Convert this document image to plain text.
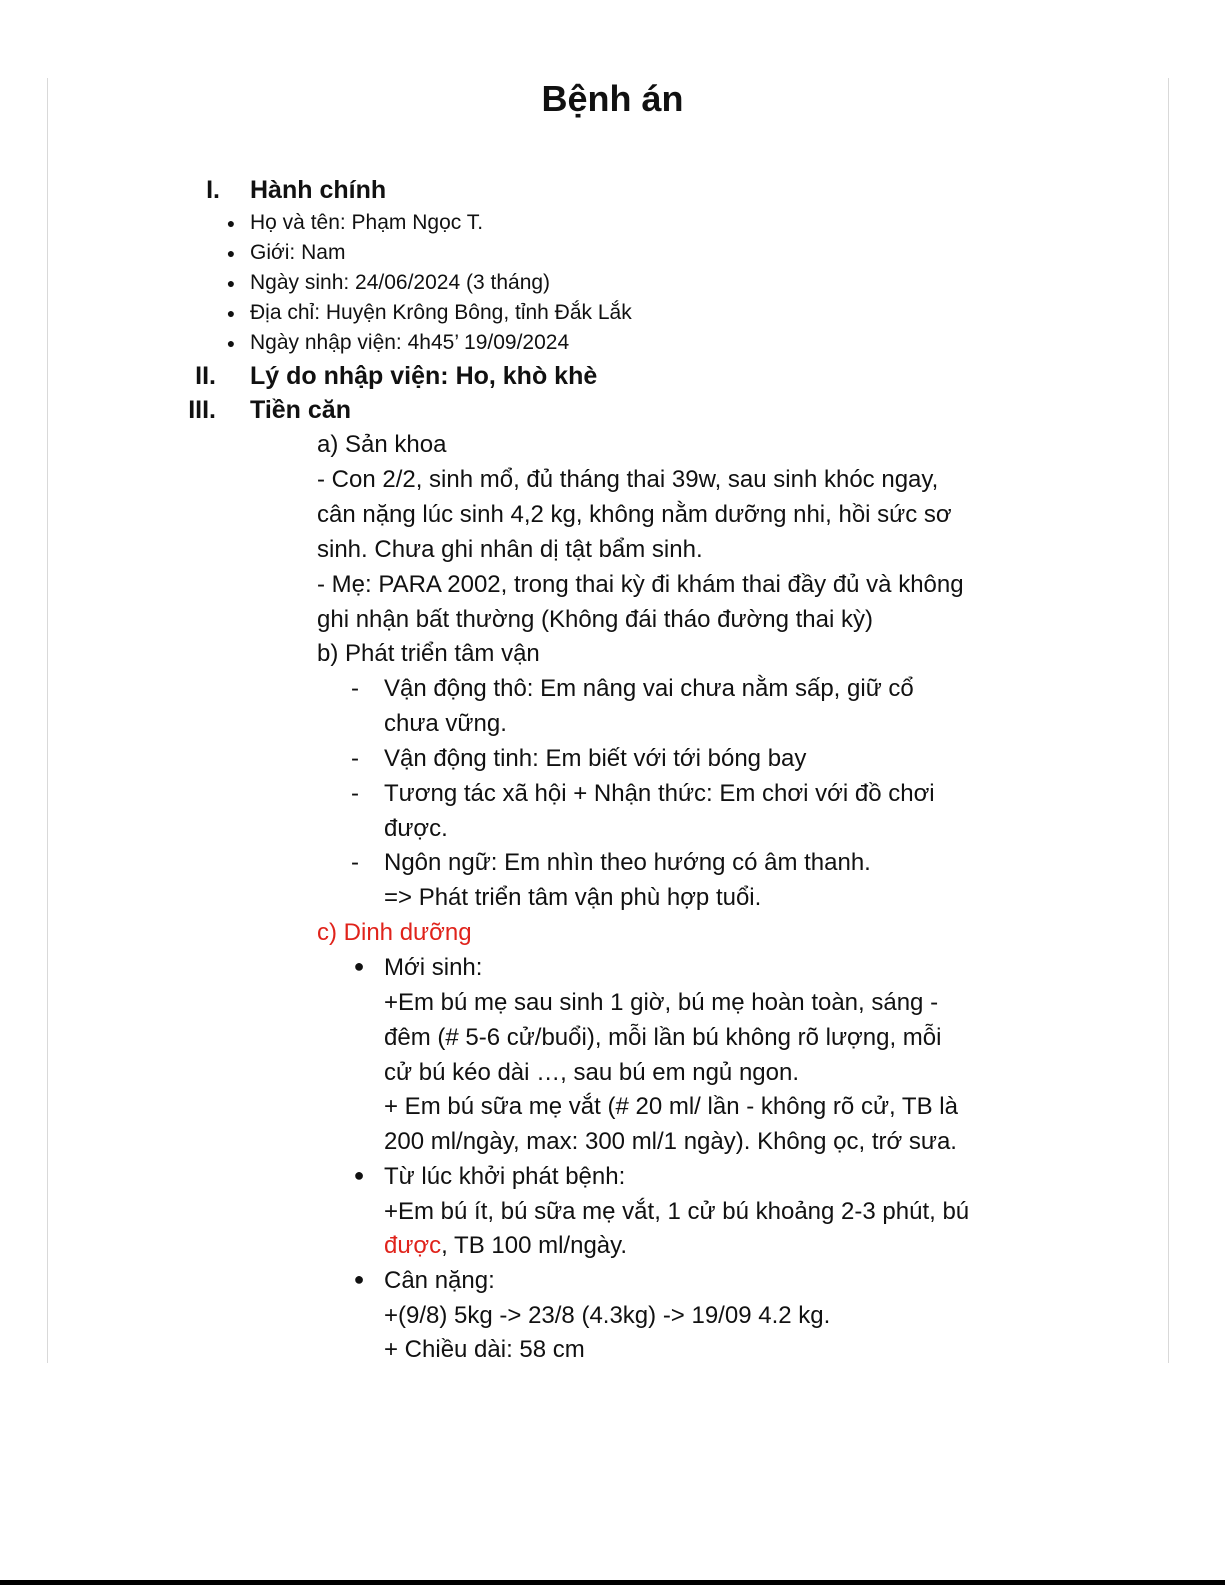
Bệnh án
I. Hành chính
● Họ và tên: Phạm Ngọc T.
● Giới: Nam
● Ngày sinh: 24/06/2024 (3 tháng)
● Địa chỉ: Huyện Krông Bông, tỉnh Đắk Lắk
● Ngày nhập viện: 4h45’ 19/09/2024
II. Lý do nhập viện: Ho, khò khè
III. Tiền căn
a) Sản khoa
- Con 2/2, sinh mổ, đủ tháng thai 39w, sau sinh khóc ngay,
cân nặng lúc sinh 4,2 kg, không nằm dưỡng nhi, hồi sức sơ
sinh. Chưa ghi nhân dị tật bẩm sinh.
- Mẹ: PARA 2002, trong thai kỳ đi khám thai đầy đủ và không
ghi nhận bất thường (Không đái tháo đường thai kỳ)
b) Phát triển tâm vận
- Vận động thô: Em nâng vai chưa nằm sấp, giữ cổ
chưa vững.
- Vận động tinh: Em biết với tới bóng bay
- Tương tác xã hội + Nhận thức: Em chơi với đồ chơi
được.
- Ngôn ngữ: Em nhìn theo hướng có âm thanh.
=> Phát triển tâm vận phù hợp tuổi.
c) Dinh dưỡng
● Mới sinh:
+Em bú mẹ sau sinh 1 giờ, bú mẹ hoàn toàn, sáng -
đêm (# 5-6 cử/buổi), mỗi lần bú không rõ lượng, mỗi
cử bú kéo dài …, sau bú em ngủ ngon.
+ Em bú sữa mẹ vắt (# 20 ml/ lần - không rõ cử, TB là
200 ml/ngày, max: 300 ml/1 ngày). Không ọc, trớ sưa.
● Từ lúc khởi phát bệnh:
+Em bú ít, bú sữa mẹ vắt, 1 cử bú khoảng 2-3 phút, bú
được, TB 100 ml/ngày.
● Cân nặng:
+(9/8) 5kg -> 23/8 (4.3kg) -> 19/09 4.2 kg.
+ Chiều dài: 58 cm
